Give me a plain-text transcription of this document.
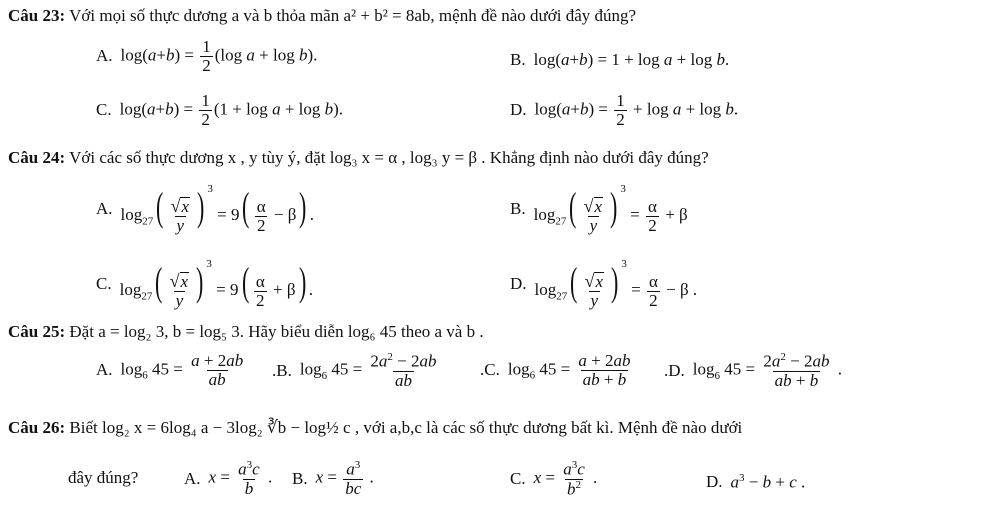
Câu 23: Với mọi số thực dương a và b thỏa mãn a² + b² = 8ab, mệnh đề nào dưới đây đúng?
A. $\log(a+b) = \frac{1}{2} (\log$ a + log b).	B. log(a+b) = 1 + log a + log b.
C. $\log(a+b) = \frac{1}{2} (1 + \log a + \log b)$.	D. $\log(a+b) = \frac{1}{2} + \log a + \log b$.
Câu 24: Với các số thực dương x , y tùy ý, đặt log₃ x = α , log₃ y = β . Khẳng định nào dưới đây đúng?
A. $\log_{27}( \frac{√ x}{y}$ ) $^3 = 9( \frac{\alpha}{2} - \beta)$ .	B. $\log_{27}( \frac{√ x}{y}$ ) $^3 = \frac{\alpha}{2} + \beta$
C. $\log_{27}( \frac{√ x}{y}$ ) $^3 = 9( \frac{\alpha}{2} + \beta)$ .	D. $\log_{27}( \frac{√ x}{y}$ ) $^3 = \frac{\alpha}{2} - \beta$ .
Câu 25: Đặt a = log₂ 3, b = log₅ 3. Hãy biểu diễn log₆ 45 theo a và b .
A. $\log_6 45 = \frac{a + 2ab}{ab} .B$. $\log_6 45 = \frac{2a^2 - 2ab}{ab} .C$. $\log_6 45 = \frac{a + 2ab}{ab + b} .D$. $\log_6 45 = \frac{2a^2 - 2ab}{ab + b}$ .
Câu 26: Biết log₂ x = 6log₄ a − 3log₂ ∛b − log½ c , với a,b,c là các số thực dương bất kì. Mệnh đề nào dưới
đây đúng?	A. $x = \frac{a^3c}{b}$ . B. $x = \frac{a^3}{bc}$ .	C. $x = \frac{a^3c}{b^2}$ .	D. $a^3 - b + c$ .
